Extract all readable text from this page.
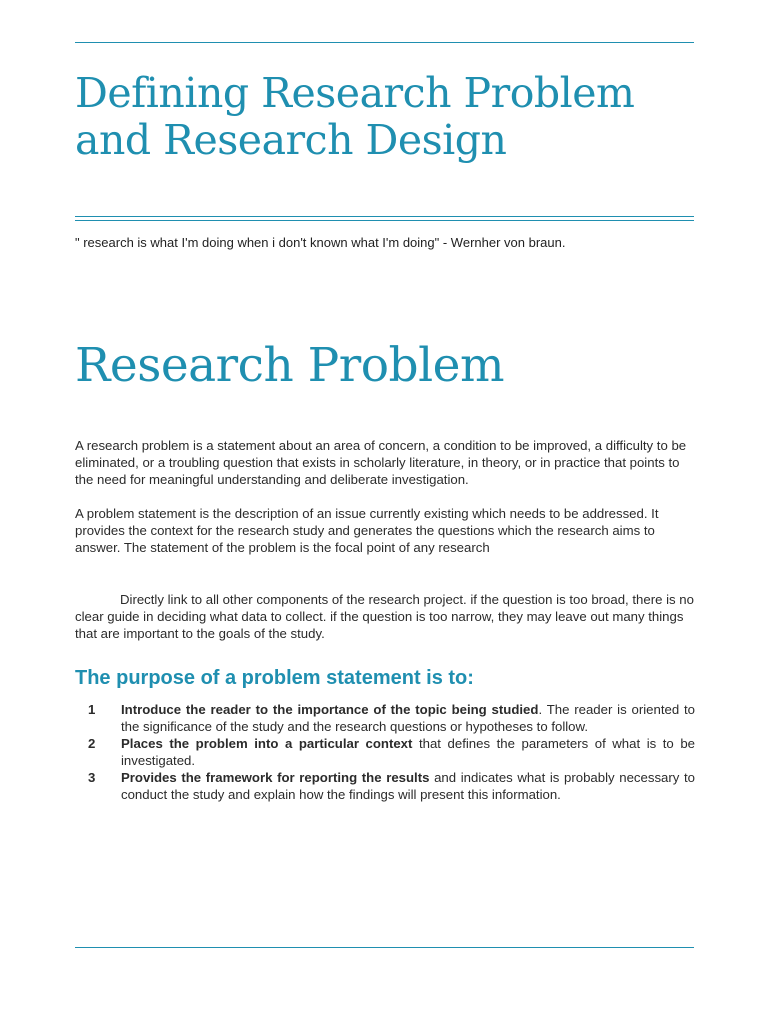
Defining Research Problem and Research Design
" research is what I'm doing when i don't known what I'm doing" - Wernher von braun.
Research Problem

A research problem is a statement about an area of concern, a condition to be improved, a difficulty to be eliminated, or a troubling question that exists in scholarly literature, in theory, or in practice that points to the need for meaningful understanding and deliberate investigation.

A problem statement is the description of an issue currently existing which needs to be addressed. It provides the context for the research study and generates the questions which the research aims to answer. The statement of the problem is the focal point of any research

Directly link to all other components of the research project. if the question is too broad, there is no clear guide in deciding what data to collect. if the question is too narrow, they may leave out many things that are important to the goals of the study.

The purpose of a problem statement is to:
1 Introduce the reader to the importance of the topic being studied. The reader is oriented to the significance of the study and the research questions or hypotheses to follow.
2 Places the problem into a particular context that defines the parameters of what is to be investigated.
3 Provides the framework for reporting the results and indicates what is probably necessary to conduct the study and explain how the findings will present this information.
